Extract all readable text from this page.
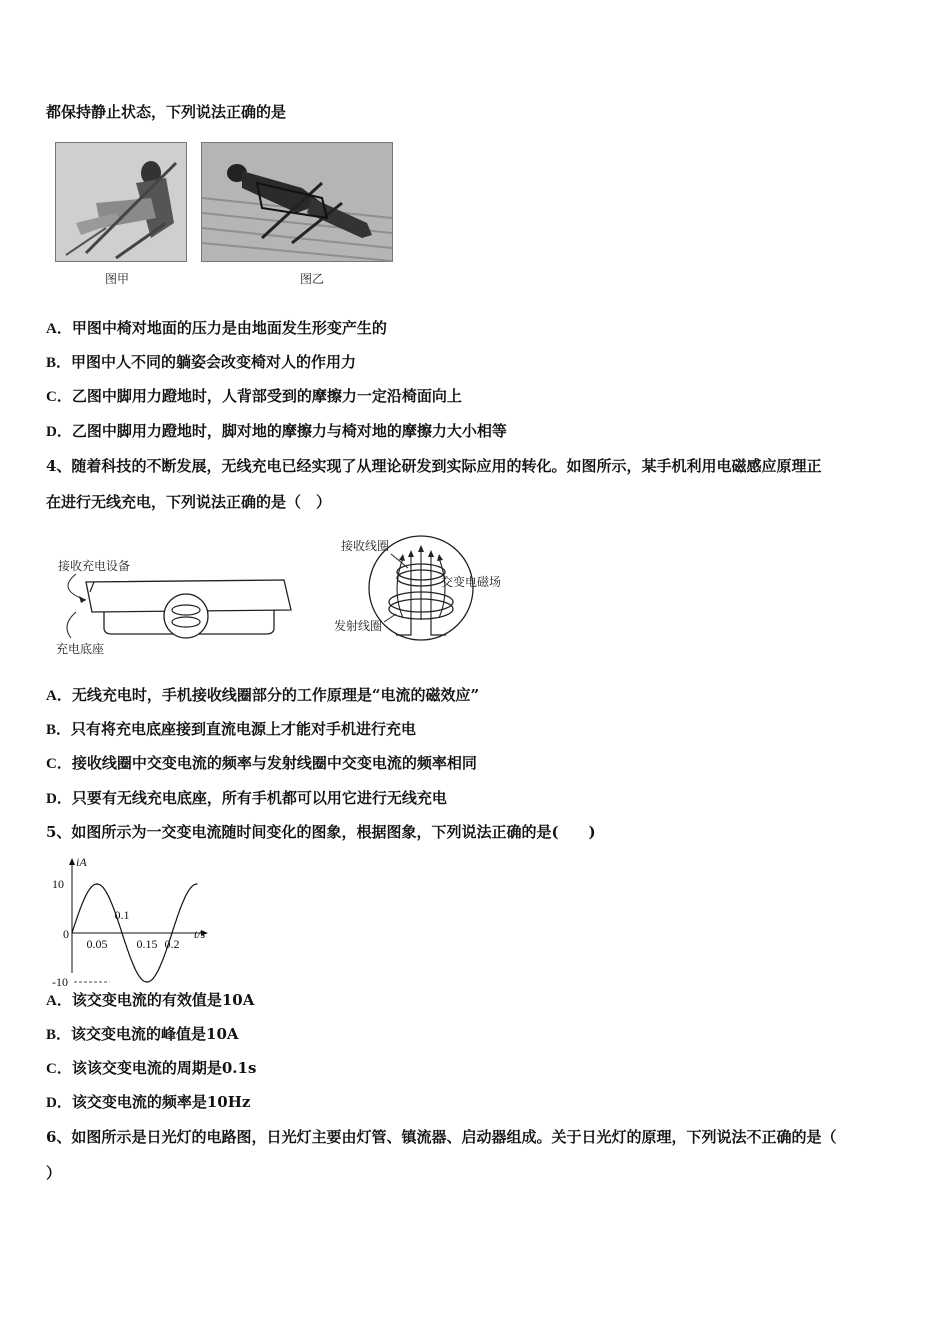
都保持静止状态，下列说法正确的是
图甲	图乙
A．甲图中椅对地面的压力是由地面发生形变产生的
B．甲图中人不同的躺姿会改变椅对人的作用力
C．乙图中脚用力蹬地时，人背部受到的摩擦力一定沿椅面向上
D．乙图中脚用力蹬地时，脚对地的摩擦力与椅对地的摩擦力大小相等
4、随着科技的不断发展，无线充电已经实现了从理论研发到实际应用的转化。如图所示，某手机利用电磁感应原理正
在进行无线充电，下列说法正确的是（　）
接收充电设备
充电底座
接收线圈
交变电磁场
发射线圈
A．无线充电时，手机接收线圈部分的工作原理是“电流的磁效应”
B．只有将充电底座接到直流电源上才能对手机进行充电
C．接收线圈中交变电流的频率与发射线圈中交变电流的频率相同
D．只要有无线充电底座，所有手机都可以用它进行无线充电
5、如图所示为一交变电流随时间变化的图象，根据图象，下列说法正确的是(　　)
iA
t/s
10
0
-10
0.05
0.1
0.15 0.2
A．该交变电流的有效值是10A
B．该交变电流的峰值是10A
C．该该交变电流的周期是0.1s
D．该交变电流的频率是10Hz
6、如图所示是日光灯的电路图，日光灯主要由灯管、镇流器、启动器组成。关于日光灯的原理，下列说法不正确的是（
）
